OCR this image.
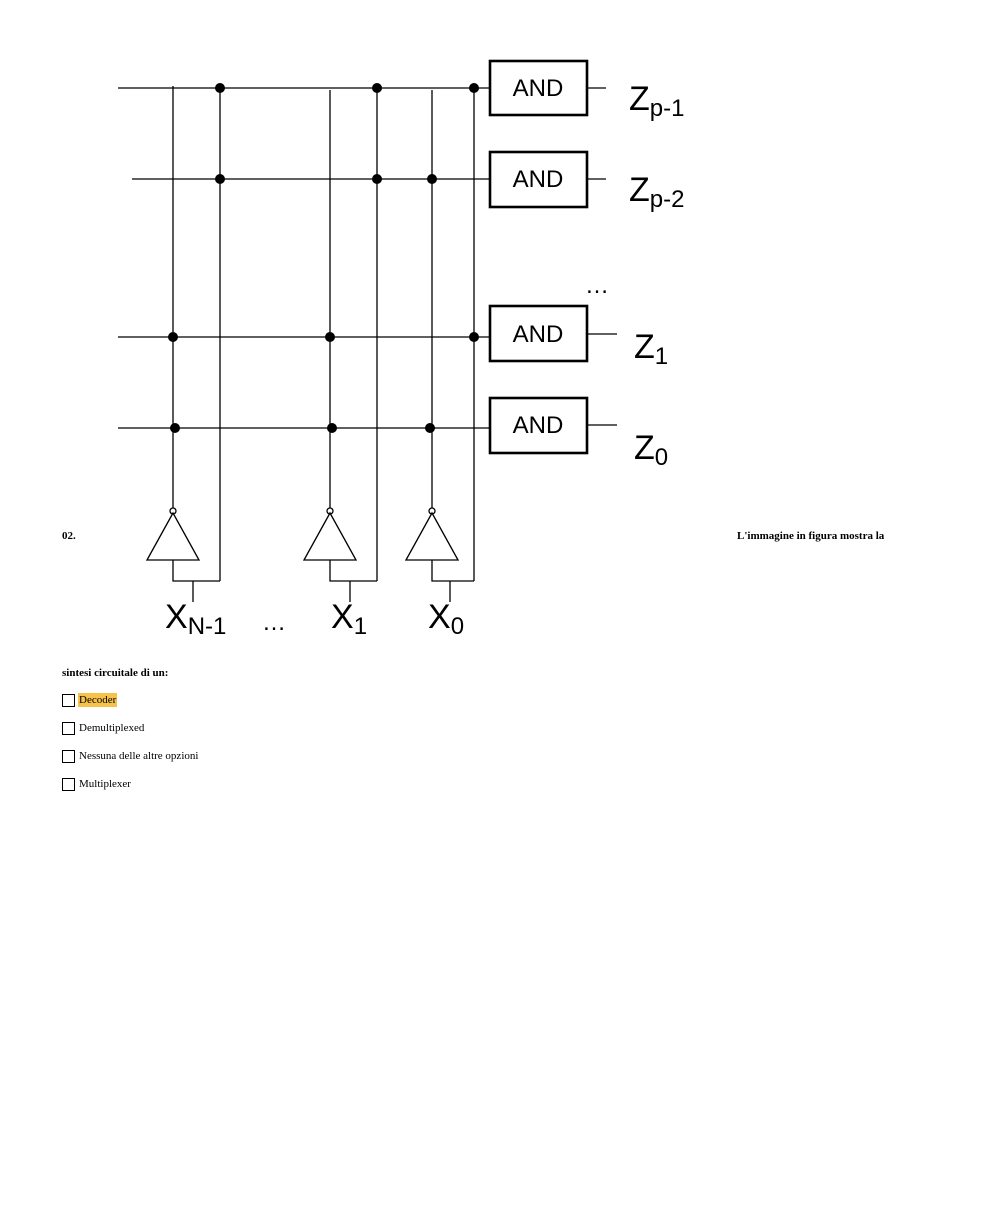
AND
AND
AND
AND
…
…
Zp-1
Zp-2
Z1
Z0
XN-1	X1 X0
02.	L'immagine in figura mostra la
sintesi circuitale di un:
Decoder
Demultiplexed
Nessuna delle altre opzioni
Multiplexer
